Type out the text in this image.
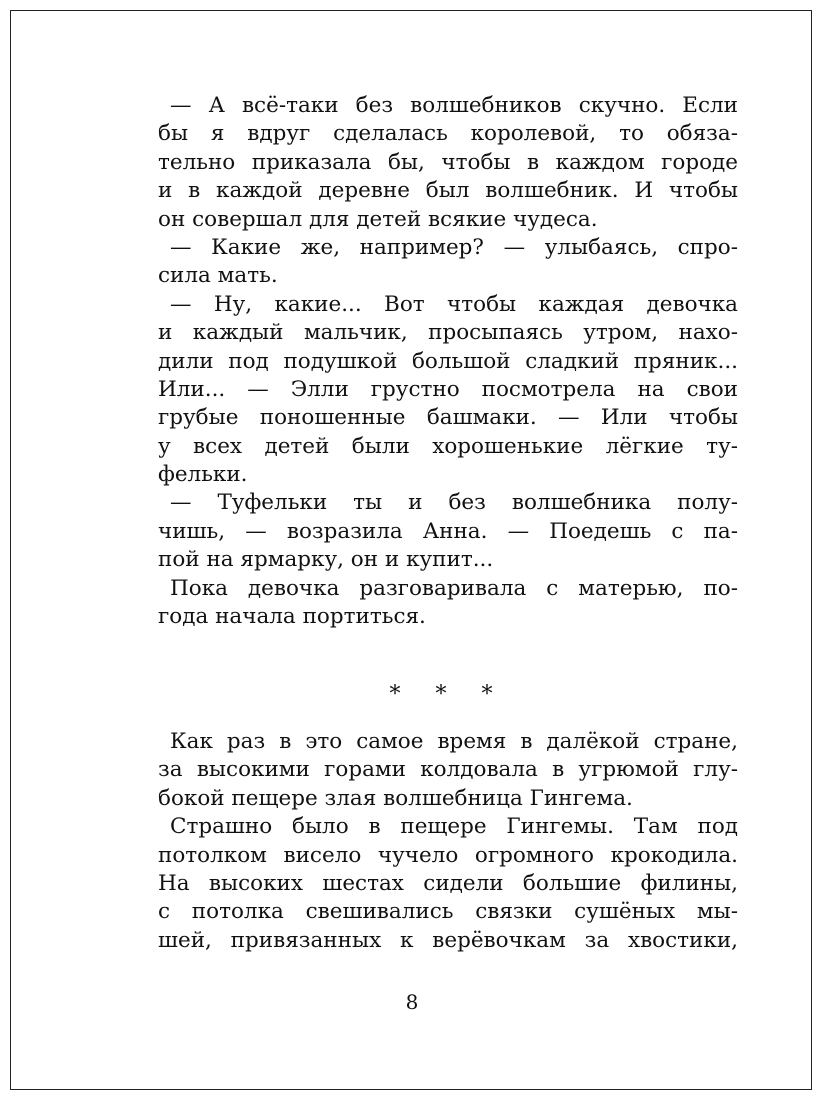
— А всё-таки без волшебников скучно. Если
бы я вдруг сделалась королевой, то обяза-
тельно приказала бы, чтобы в каждом городе
и в каждой деревне был волшебник. И чтобы
он совершал для детей всякие чудеса.
— Какие же, например? — улыбаясь, спро-
сила мать.
— Ну, какие... Вот чтобы каждая девочка
и каждый мальчик, просыпаясь утром, нахо-
дили под подушкой большой сладкий пряник...
Или... — Элли грустно посмотрела на свои
грубые поношенные башмаки. — Или чтобы
у всех детей были хорошенькие лёгкие ту-
фельки.
— Туфельки ты и без волшебника полу-
чишь, — возразила Анна. — Поедешь с па-
пой на ярмарку, он и купит...
Пока девочка разговаривала с матерью, по-
года начала портиться.
* * *
Как раз в это самое время в далёкой стране,
за высокими горами колдовала в угрюмой глу-
бокой пещере злая волшебница Гингема.
Страшно было в пещере Гингемы. Там под
потолком висело чучело огромного крокодила.
На высоких шестах сидели большие филины,
с потолка свешивались связки сушёных мы-
шей, привязанных к верёвочкам за хвостики,
8
